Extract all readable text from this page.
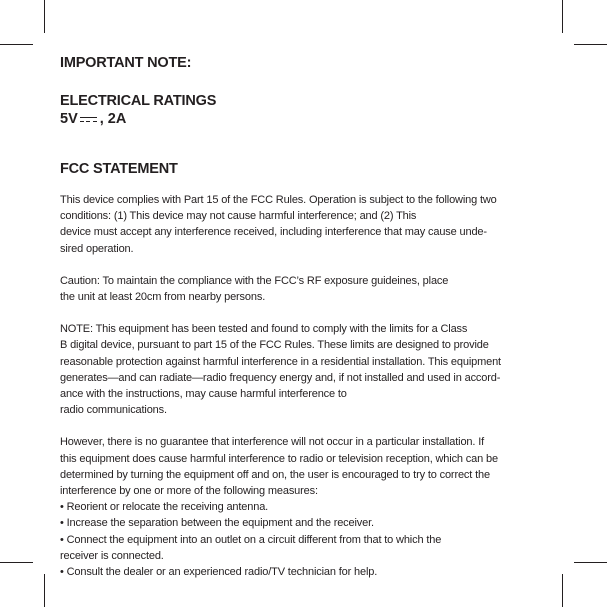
IMPORTANT NOTE:
ELECTRICAL RATINGS
5V , 2A
FCC STATEMENT

This device complies with Part 15 of the FCC Rules. Operation is subject to the following two
conditions: (1) This device may not cause harmful interference; and (2) This
device must accept any interference received, including interference that may cause unde-
sired operation.

Caution: To maintain the compliance with the FCC’s RF exposure guideines, place
the unit at least 20cm from nearby persons.

NOTE: This equipment has been tested and found to comply with the limits for a Class
B digital device, pursuant to part 15 of the FCC Rules. These limits are designed to provide
reasonable protection against harmful interference in a residential installation. This equipment
generates—and can radiate—radio frequency energy and, if not installed and used in accord-
ance with the instructions, may cause harmful interference to
radio communications.

However, there is no guarantee that interference will not occur in a particular installation. If
this equipment does cause harmful interference to radio or television reception, which can be
determined by turning the equipment off and on, the user is encouraged to try to correct the
interference by one or more of the following measures:
• Reorient or relocate the receiving antenna.
• Increase the separation between the equipment and the receiver.
• Connect the equipment into an outlet on a circuit different from that to which the
receiver is connected.
• Consult the dealer or an experienced radio/TV technician for help.
